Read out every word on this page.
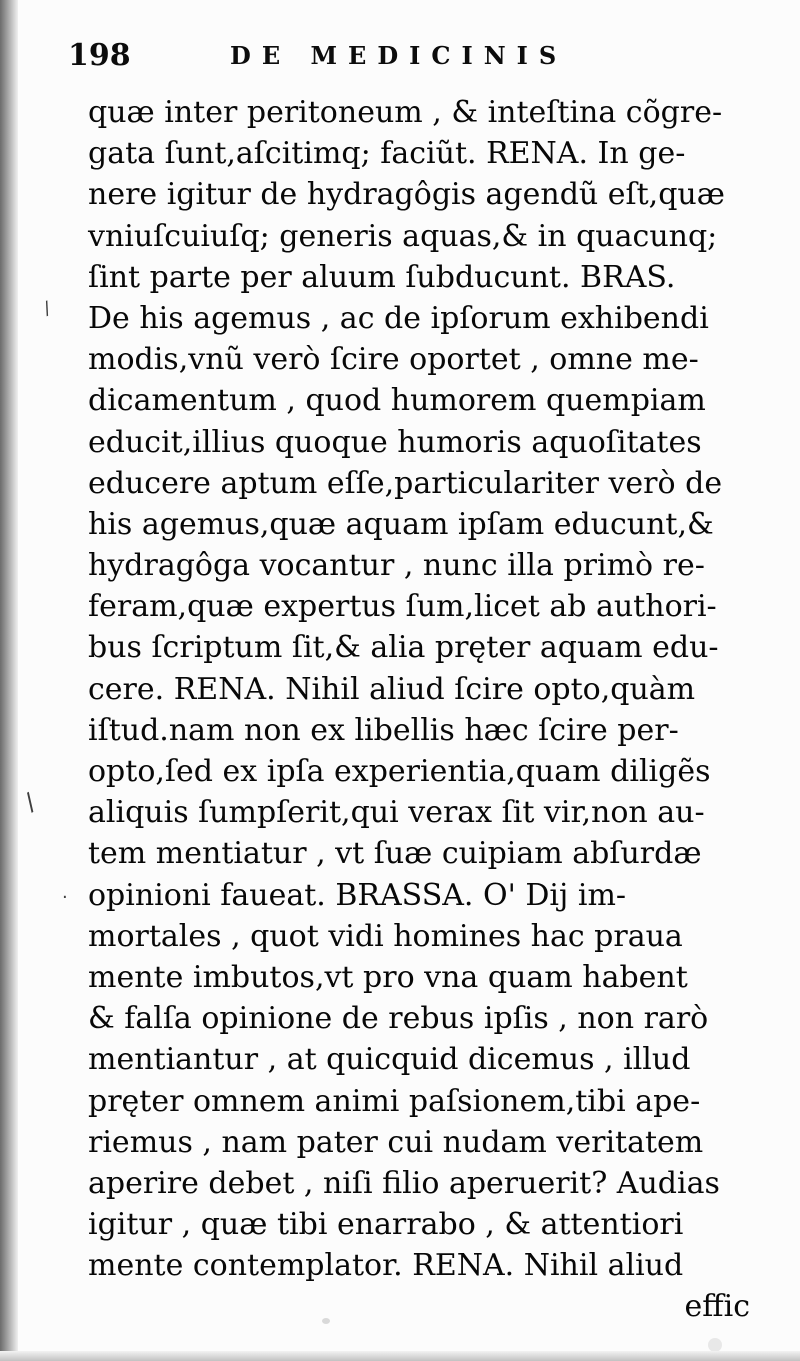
198	DE MEDICINIS
quæ inter peritoneum , & inteſtina cõgre-
gata ſunt,aſcitimq; faciũt. RENA. In ge-
nere igitur de hydragôgis agendũ eſt,quæ
vniuſcuiuſq; generis aquas,& in quacunq;
ſint parte per aluum ſubducunt. BRAS.
De his agemus , ac de ipſorum exhibendi
modis,vnũ verò ſcire oportet , omne me-
dicamentum , quod humorem quempiam
educit,illius quoque humoris aquoſitates
educere aptum eſſe,particulariter verò de
his agemus,quæ aquam ipſam educunt,&
hydragôga vocantur , nunc illa primò re-
feram,quæ expertus ſum,licet ab authori-
bus ſcriptum ſit,& alia pręter aquam edu-
cere. RENA. Nihil aliud ſcire opto,quàm
iſtud.nam non ex libellis hæc ſcire per-
opto,ſed ex ipſa experientia,quam diligẽs
aliquis ſumpſerit,qui verax ſit vir,non au-
tem mentiatur , vt ſuæ cuipiam abſurdæ
opinioni faueat. BRASSA. O' Dij im-
mortales , quot vidi homines hac praua
mente imbutos,vt pro vna quam habent
& falſa opinione de rebus ipſis , non rarò
mentiantur , at quicquid dicemus , illud
pręter omnem animi paſsionem,tibi ape-
riemus , nam pater cui nudam veritatem
aperire debet , niſi filio aperuerit? Audias
igitur , quæ tibi enarrabo , & attentiori
mente contemplator. RENA. Nihil aliud
effic
/
·
/
